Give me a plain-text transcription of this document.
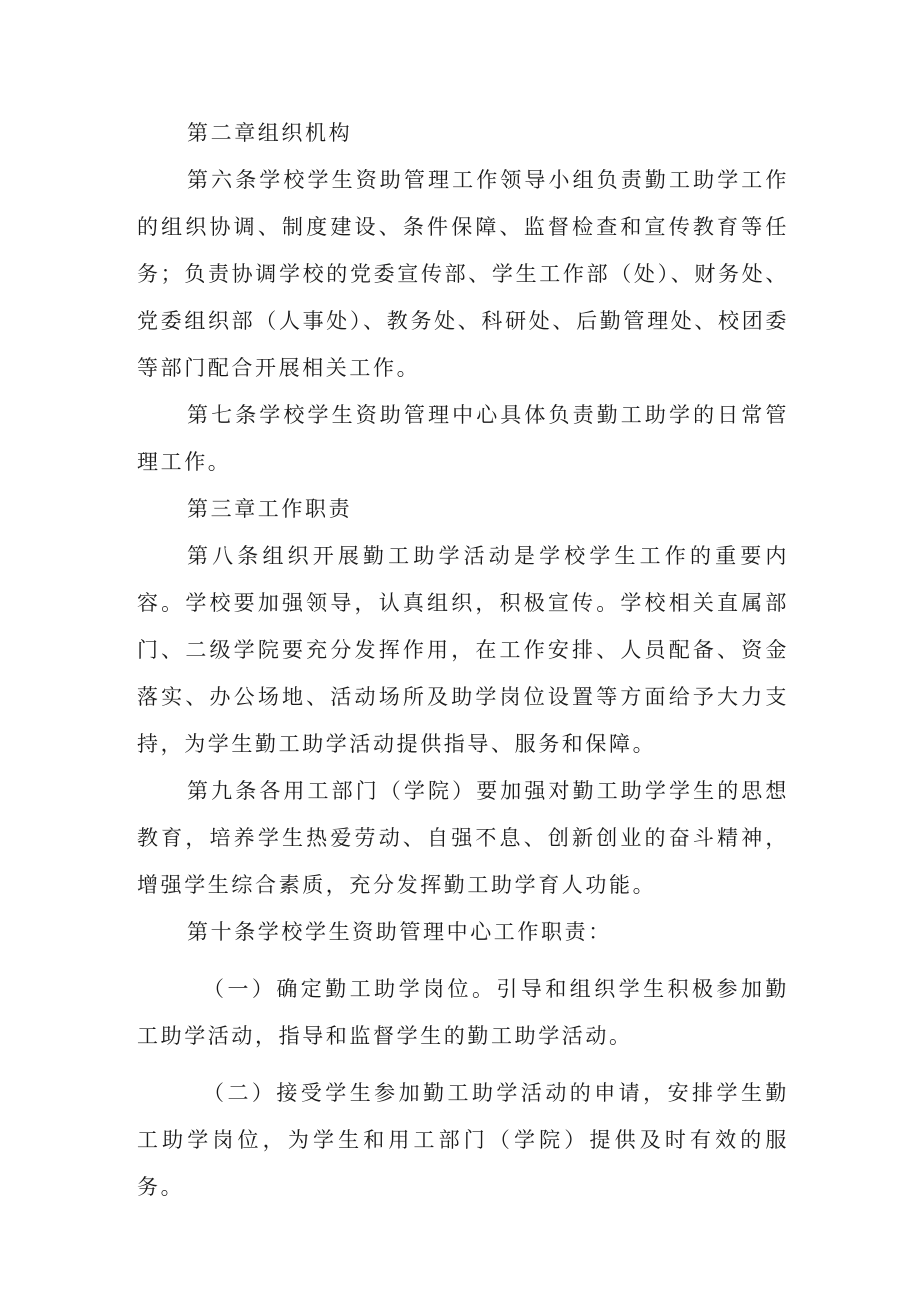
第二章组织机构

第六条学校学生资助管理工作领导小组负责勤工助学工作的组织协调、制度建设、条件保障、监督检查和宣传教育等任务；负责协调学校的党委宣传部、学生工作部（处）、财务处、党委组织部（人事处）、教务处、科研处、后勤管理处、校团委等部门配合开展相关工作。

第七条学校学生资助管理中心具体负责勤工助学的日常管理工作。

第三章工作职责

第八条组织开展勤工助学活动是学校学生工作的重要内容。学校要加强领导，认真组织，积极宣传。学校相关直属部门、二级学院要充分发挥作用，在工作安排、人员配备、资金落实、办公场地、活动场所及助学岗位设置等方面给予大力支持，为学生勤工助学活动提供指导、服务和保障。

第九条各用工部门（学院）要加强对勤工助学学生的思想教育，培养学生热爱劳动、自强不息、创新创业的奋斗精神，增强学生综合素质，充分发挥勤工助学育人功能。

第十条学校学生资助管理中心工作职责：

（一）确定勤工助学岗位。引导和组织学生积极参加勤工助学活动，指导和监督学生的勤工助学活动。

（二）接受学生参加勤工助学活动的申请，安排学生勤工助学岗位，为学生和用工部门（学院）提供及时有效的服务。
